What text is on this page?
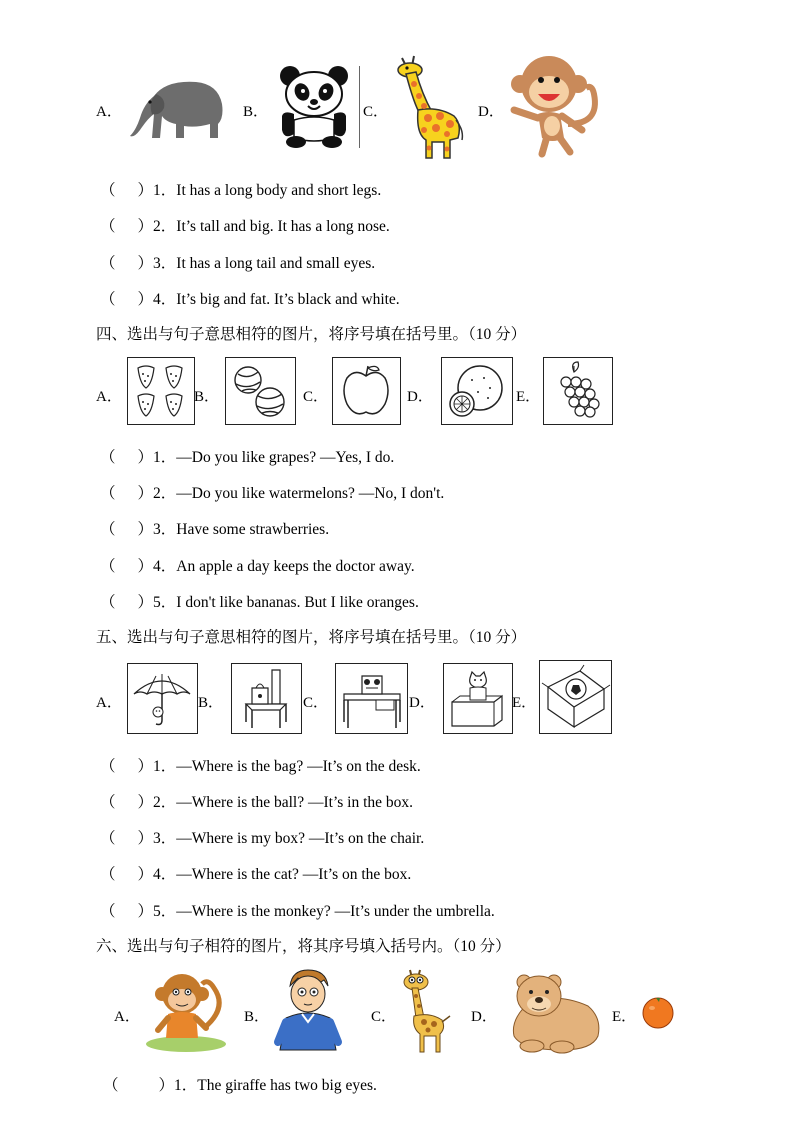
A．	B．	C．	D．
（ ）1．It has a long body and short legs.
（ ）2．It’s tall and big. It has a long nose.
（ ）3．It has a long tail and small eyes.
（ ）4．It’s big and fat. It’s black and white.
四、选出与句子意思相符的图片，将序号填在括号里。（10 分）
A．	B．	C．	D．	E．
（ ）1．—Do you like grapes? —Yes, I do.
（ ）2．—Do you like watermelons? —No, I don't.
（ ）3．Have some strawberries.
（ ）4．An apple a day keeps the doctor away.
（ ）5．I don't like bananas. But I like oranges.
五、选出与句子意思相符的图片，将序号填在括号里。（10 分）
A．	B．	C．	D．	E．
（ ）1．—Where is the bag? —It’s on the desk.
（ ）2．—Where is the ball? —It’s in the box.
（ ）3．—Where is my box? —It’s on the chair.
（ ）4．—Where is the cat? —It’s on the box.
（ ）5．—Where is the monkey? —It’s under the umbrella.
六、选出与句子相符的图片，将其序号填入括号内。（10 分）
A．	B．	C．	D．	E．
（	）1．The giraffe has two big eyes.
